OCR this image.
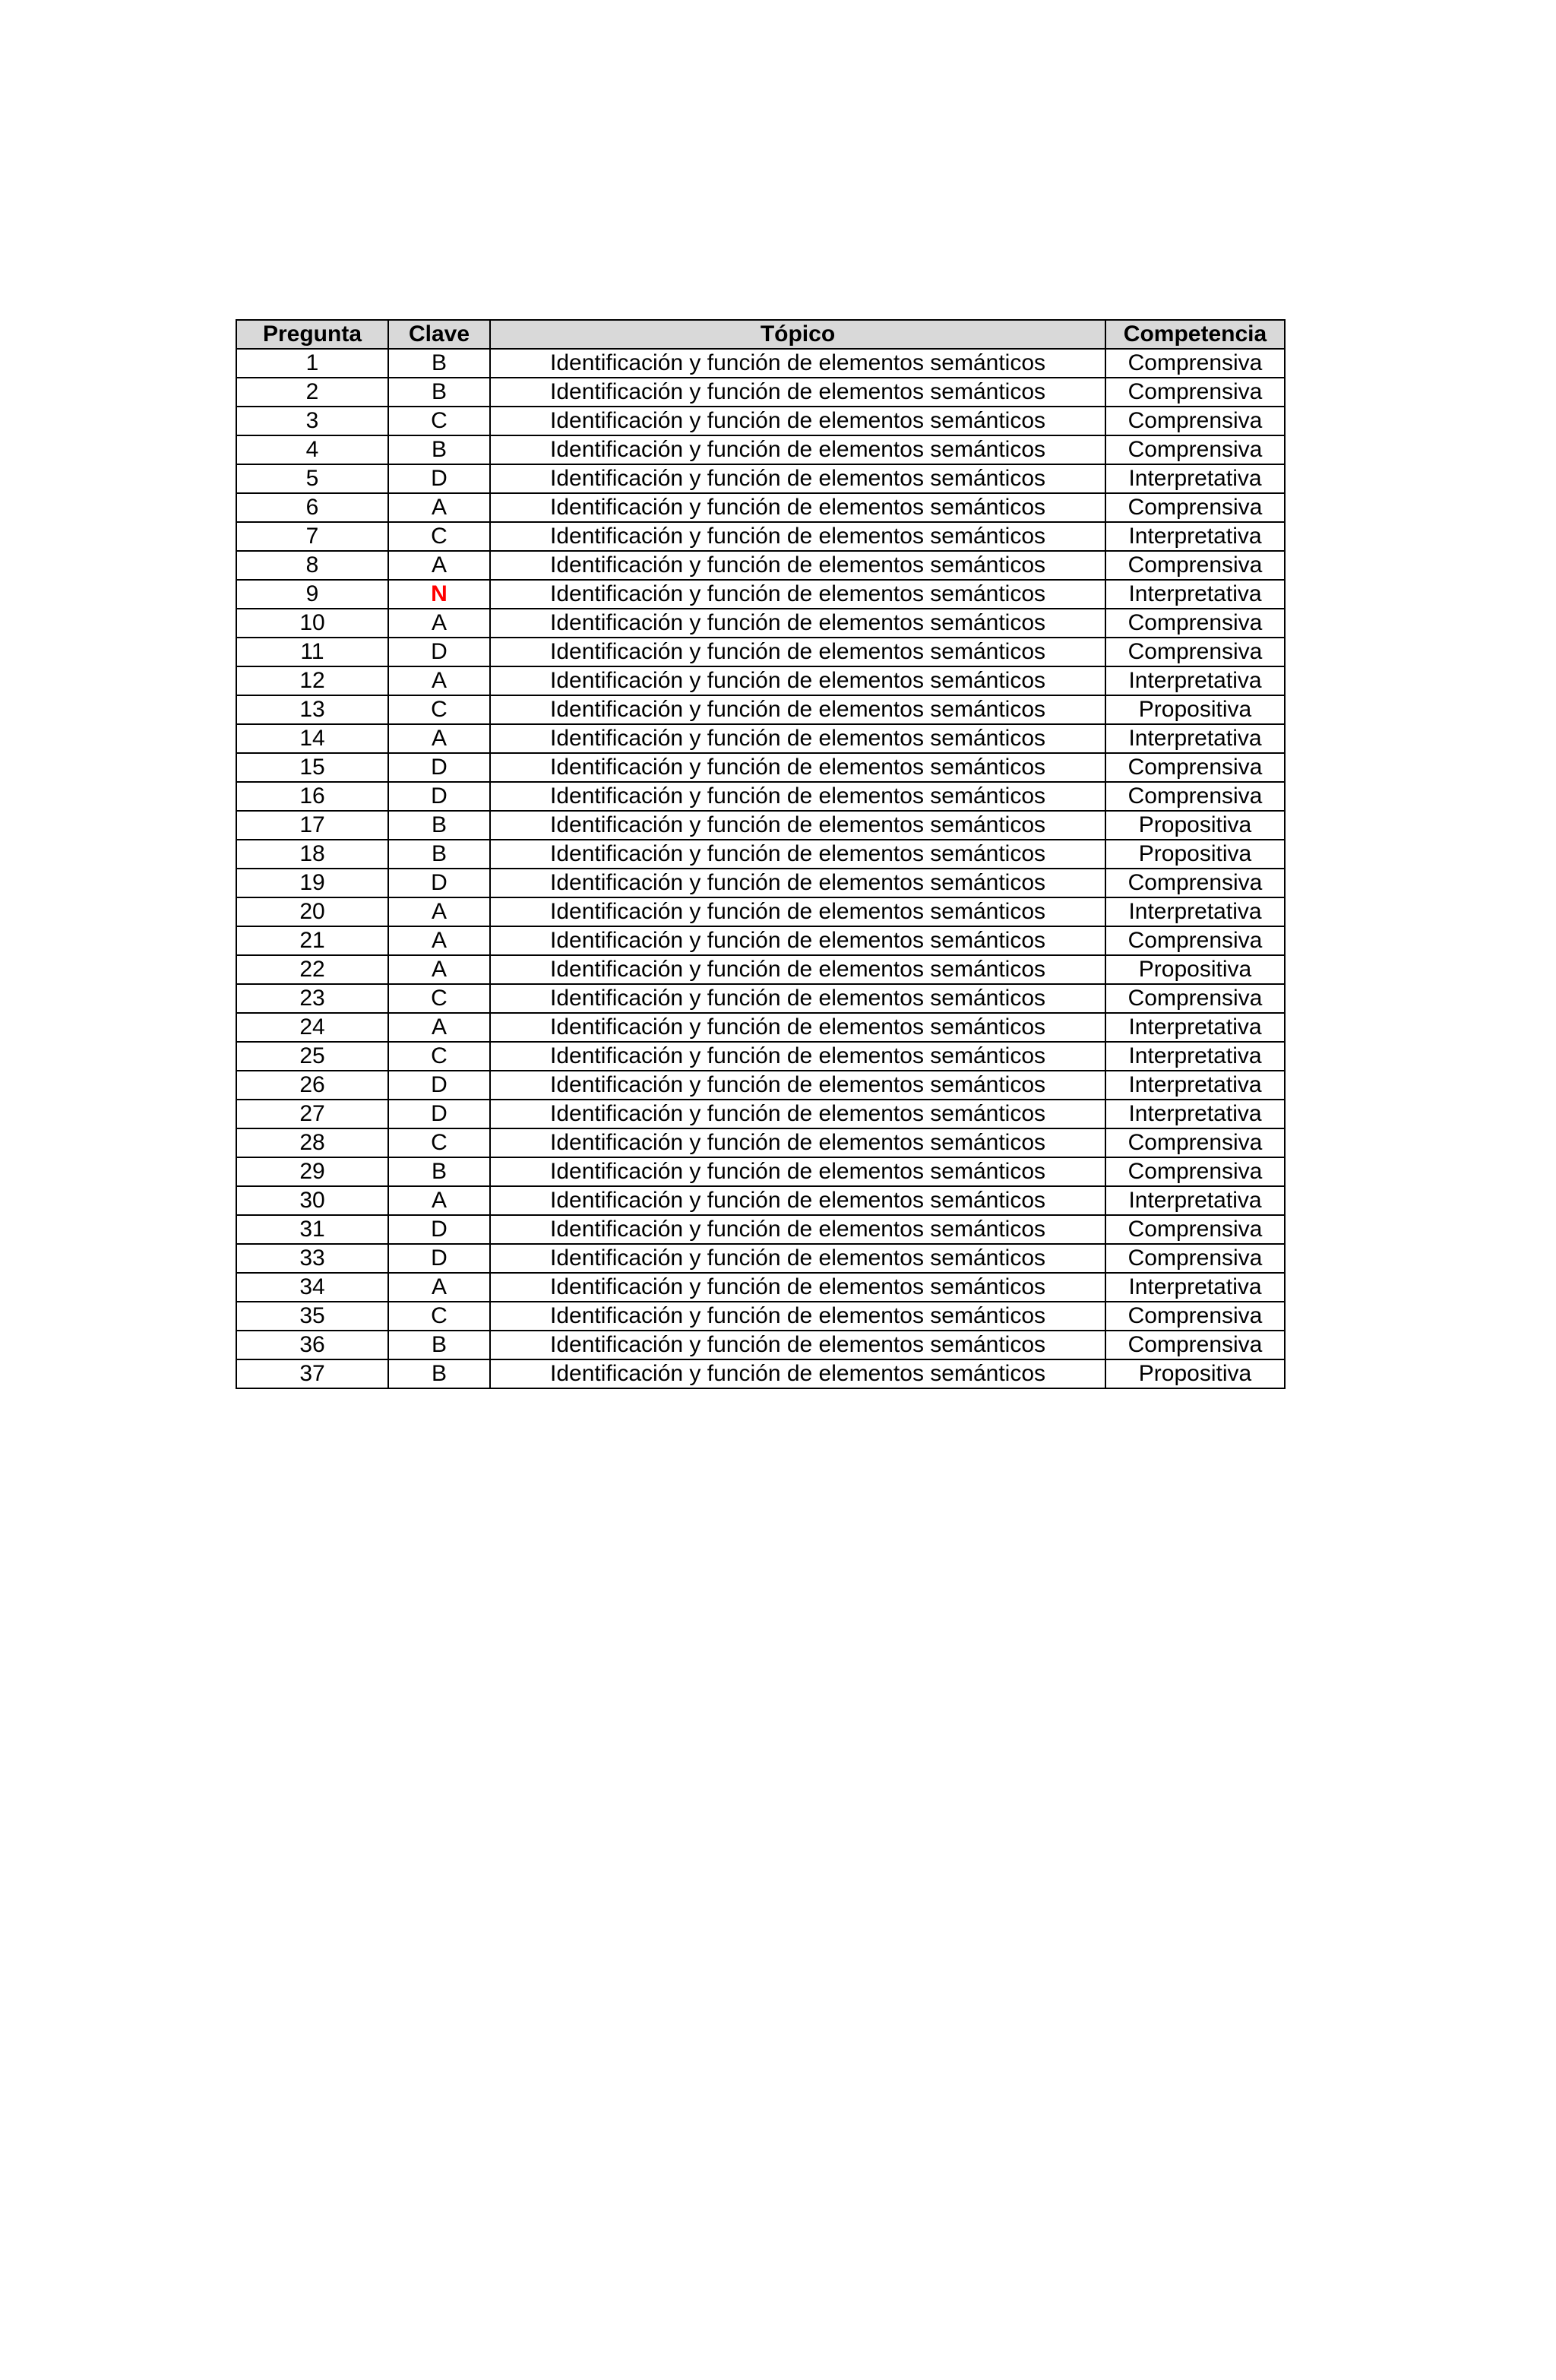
Pregunta	Clave	Tópico	Competencia
1	B	Identificación y función de elementos semánticos	Comprensiva
2	B	Identificación y función de elementos semánticos	Comprensiva
3	C	Identificación y función de elementos semánticos	Comprensiva
4	B	Identificación y función de elementos semánticos	Comprensiva
5	D	Identificación y función de elementos semánticos	Interpretativa
6	A	Identificación y función de elementos semánticos	Comprensiva
7	C	Identificación y función de elementos semánticos	Interpretativa
8	A	Identificación y función de elementos semánticos	Comprensiva
9	N	Identificación y función de elementos semánticos	Interpretativa
10	A	Identificación y función de elementos semánticos	Comprensiva
11	D	Identificación y función de elementos semánticos	Comprensiva
12	A	Identificación y función de elementos semánticos	Interpretativa
13	C	Identificación y función de elementos semánticos	Propositiva
14	A	Identificación y función de elementos semánticos	Interpretativa
15	D	Identificación y función de elementos semánticos	Comprensiva
16	D	Identificación y función de elementos semánticos	Comprensiva
17	B	Identificación y función de elementos semánticos	Propositiva
18	B	Identificación y función de elementos semánticos	Propositiva
19	D	Identificación y función de elementos semánticos	Comprensiva
20	A	Identificación y función de elementos semánticos	Interpretativa
21	A	Identificación y función de elementos semánticos	Comprensiva
22	A	Identificación y función de elementos semánticos	Propositiva
23	C	Identificación y función de elementos semánticos	Comprensiva
24	A	Identificación y función de elementos semánticos	Interpretativa
25	C	Identificación y función de elementos semánticos	Interpretativa
26	D	Identificación y función de elementos semánticos	Interpretativa
27	D	Identificación y función de elementos semánticos	Interpretativa
28	C	Identificación y función de elementos semánticos	Comprensiva
29	B	Identificación y función de elementos semánticos	Comprensiva
30	A	Identificación y función de elementos semánticos	Interpretativa
31	D	Identificación y función de elementos semánticos	Comprensiva
33	D	Identificación y función de elementos semánticos	Comprensiva
34	A	Identificación y función de elementos semánticos	Interpretativa
35	C	Identificación y función de elementos semánticos	Comprensiva
36	B	Identificación y función de elementos semánticos	Comprensiva
37	B	Identificación y función de elementos semánticos	Propositiva
